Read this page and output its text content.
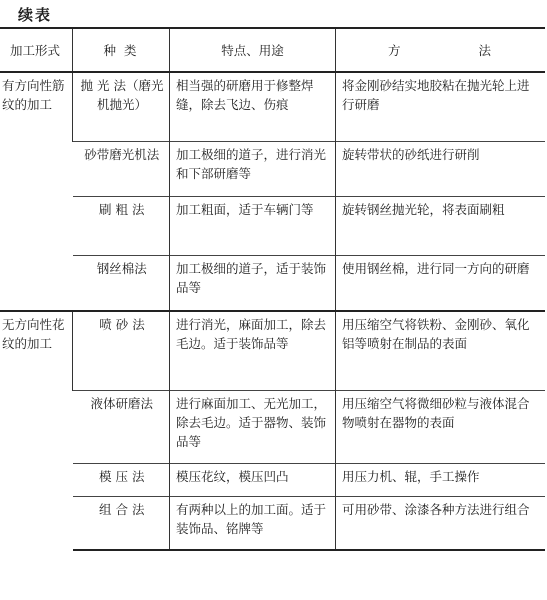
续表
加工形式	种 类	特点、用途	方 法
有方向性筋纹的加工	抛 光 法（磨光机抛光）	相当强的研磨用于修整焊缝，除去飞边、伤痕	将金刚砂结实地胶粘在抛光轮上进行研磨
	砂带磨光机法	加工极细的道子，进行消光和下部研磨等	旋转带状的砂纸进行研削
	刷 粗 法	加工粗面，适于车辆门等	旋转钢丝抛光轮，将表面刷粗
	钢丝棉法	加工极细的道子，适于装饰品等	使用钢丝棉，进行同一方向的研磨
无方向性花纹的加工	喷 砂 法	进行消光，麻面加工，除去毛边。适于装饰品等	用压缩空气将铁粉、金刚砂、氧化铝等喷射在制品的表面
	液体研磨法	进行麻面加工、无光加工，除去毛边。适于器物、装饰品等	用压缩空气将微细砂粒与液体混合物喷射在器物的表面
	模 压 法	模压花纹，模压凹凸	用压力机、辊，手工操作
	组 合 法	有两种以上的加工面。适于装饰品、铭牌等	可用砂带、涂漆各种方法进行组合
